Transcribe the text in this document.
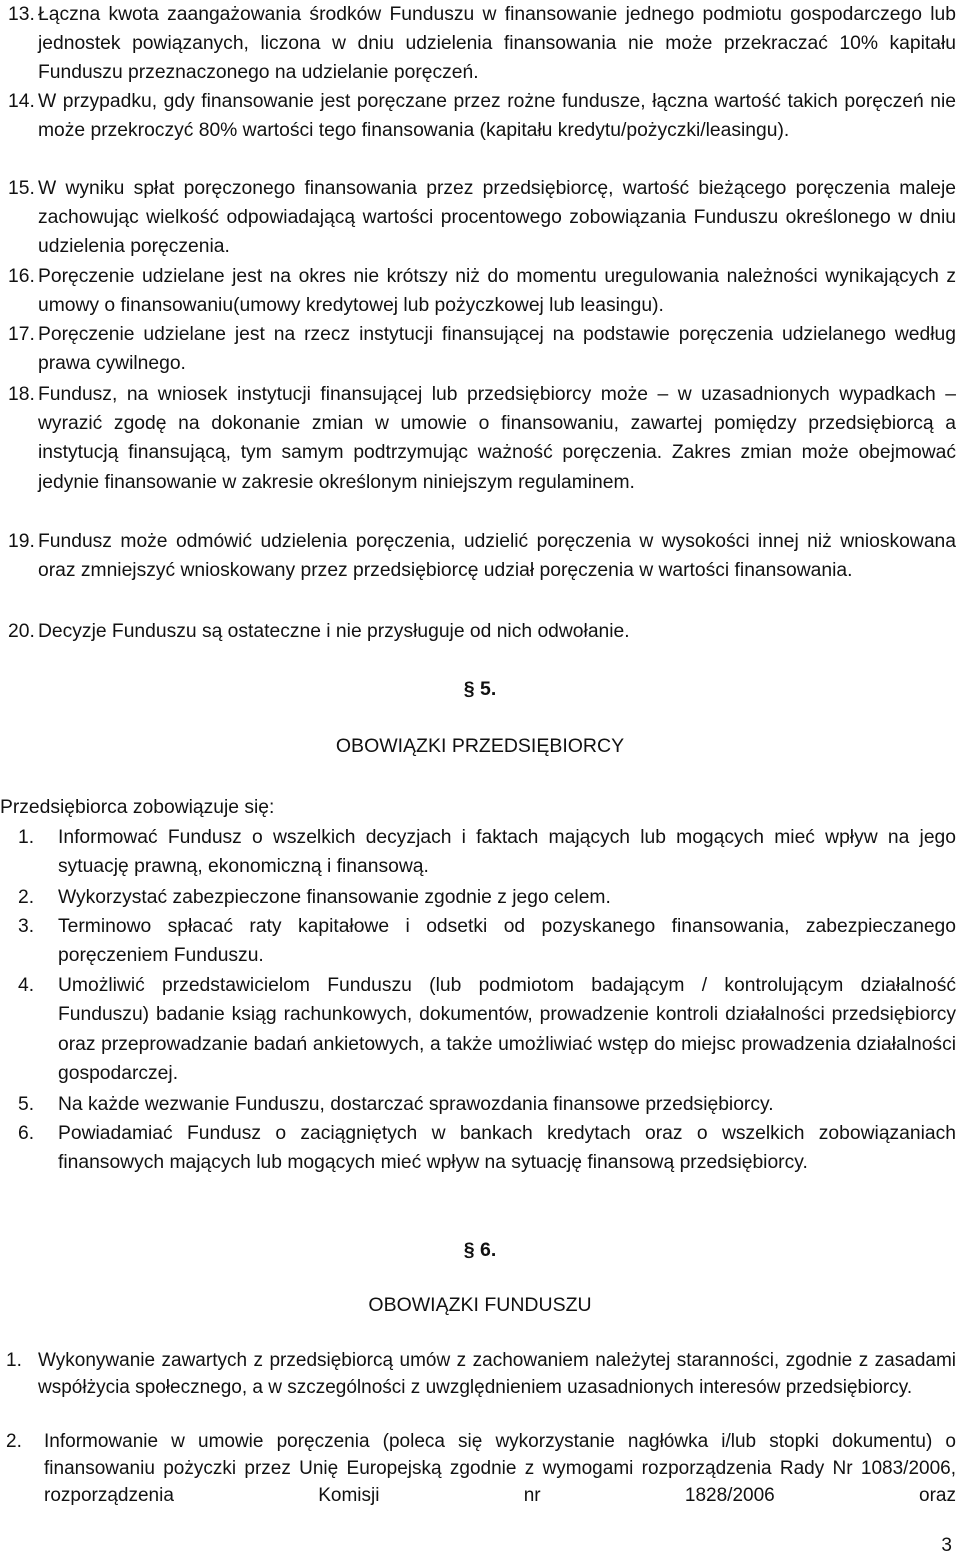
13. Łączna kwota zaangażowania środków Funduszu w finansowanie jednego podmiotu gospodarczego lub jednostek powiązanych, liczona w dniu udzielenia finansowania nie może przekraczać 10% kapitału Funduszu przeznaczonego na udzielanie poręczeń.
14. W przypadku, gdy finansowanie jest poręczane przez rożne fundusze, łączna wartość takich poręczeń nie może przekroczyć 80% wartości tego finansowania (kapitału kredytu/pożyczki/leasingu).
15. W wyniku spłat poręczonego finansowania przez przedsiębiorcę, wartość bieżącego poręczenia maleje zachowując wielkość odpowiadającą wartości procentowego zobowiązania Funduszu określonego w dniu udzielenia poręczenia.
16. Poręczenie udzielane jest na okres nie krótszy niż do momentu uregulowania należności wynikających z umowy o finansowaniu(umowy kredytowej lub pożyczkowej lub leasingu).
17. Poręczenie udzielane jest na rzecz instytucji finansującej na podstawie poręczenia udzielanego według prawa cywilnego.
18. Fundusz, na wniosek instytucji finansującej lub przedsiębiorcy może – w uzasadnionych wypadkach – wyrazić zgodę na dokonanie zmian w umowie o finansowaniu, zawartej pomiędzy przedsiębiorcą a instytucją finansującą, tym samym podtrzymując ważność poręczenia. Zakres zmian może obejmować jedynie finansowanie w zakresie określonym niniejszym regulaminem.
19. Fundusz może odmówić udzielenia poręczenia, udzielić poręczenia w wysokości innej niż wnioskowana oraz zmniejszyć wnioskowany przez przedsiębiorcę udział poręczenia w wartości finansowania.
20. Decyzje Funduszu są ostateczne i nie przysługuje od nich odwołanie.
§ 5.
OBOWIĄZKI PRZEDSIĘBIORCY
Przedsiębiorca zobowiązuje się:
1. Informować Fundusz o wszelkich decyzjach i faktach mających lub mogących mieć wpływ na jego sytuację prawną, ekonomiczną i finansową.
2. Wykorzystać zabezpieczone finansowanie zgodnie z jego celem.
3. Terminowo spłacać raty kapitałowe i odsetki od pozyskanego finansowania, zabezpieczanego poręczeniem Funduszu.
4. Umożliwić przedstawicielom Funduszu (lub podmiotom badającym / kontrolującym działalność Funduszu) badanie ksiąg rachunkowych, dokumentów, prowadzenie kontroli działalności przedsiębiorcy oraz przeprowadzanie badań ankietowych, a także umożliwiać wstęp do miejsc prowadzenia działalności gospodarczej.
5. Na każde wezwanie Funduszu, dostarczać sprawozdania finansowe przedsiębiorcy.
6. Powiadamiać Fundusz o zaciągniętych w bankach kredytach oraz o wszelkich zobowiązaniach finansowych mających lub mogących mieć wpływ na sytuację finansową przedsiębiorcy.
§ 6.
OBOWIĄZKI FUNDUSZU
1. Wykonywanie zawartych z przedsiębiorcą umów z zachowaniem należytej staranności, zgodnie z zasadami współżycia społecznego, a w szczególności z uwzględnieniem uzasadnionych interesów przedsiębiorcy.
2. Informowanie w umowie poręczenia (poleca się wykorzystanie nagłówka i/lub stopki dokumentu) o finansowaniu pożyczki przez Unię Europejską zgodnie z wymogami rozporządzenia Rady Nr 1083/2006, rozporządzenia Komisji nr 1828/2006 oraz
3
